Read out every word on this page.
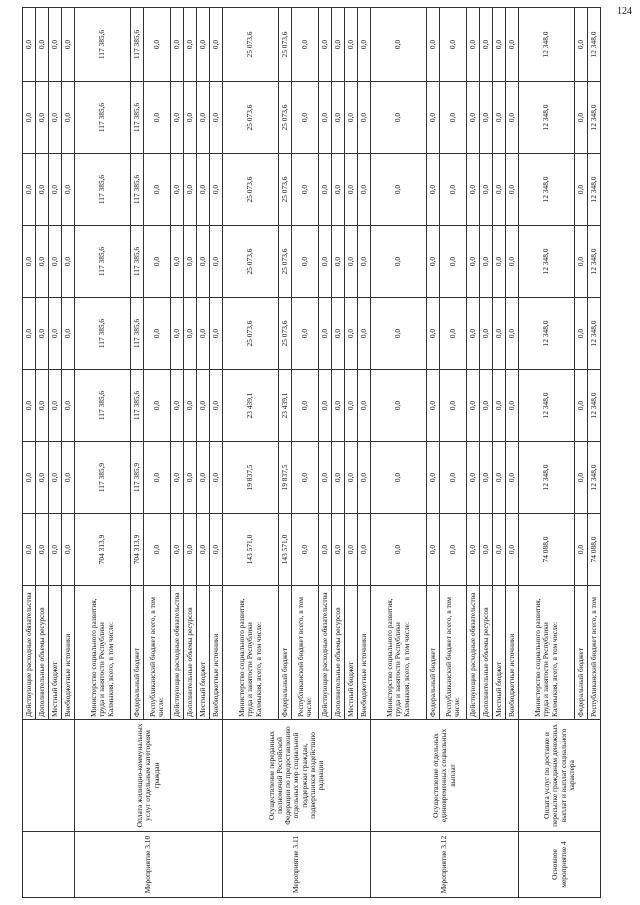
124
		Действующие расходные обязательства	0,0	0,0	0,0	0,0	0,0	0,0	0,0	0,0
		Дополнительные объемы ресурсов	0,0	0,0	0,0	0,0	0,0	0,0	0,0	0,0
		Местный бюджет	0,0	0,0	0,0	0,0	0,0	0,0	0,0	0,0
		Внебюджетные источники	0,0	0,0	0,0	0,0	0,0	0,0	0,0	0,0
Мероприятие 3.10	Оплата жилищно-коммунальных услуг отдельным категориям граждан	Министерство социального развития, труда и занятости Республики Калмыкия, всего, в том числе:	704 313,9	117 385,9	117 385,6	117 385,6	117 385,6	117 385,6	117 385,6	117 385,6
		Федеральный бюджет	704 313,9	117 385,9	117 385,6	117 385,6	117 385,6	117 385,6	117 385,6	117 385,6
		Республиканский бюджет всего, в том числе:	0,0	0,0	0,0	0,0	0,0	0,0	0,0	0,0
		Действующие расходные обязательства	0,0	0,0	0,0	0,0	0,0	0,0	0,0	0,0
		Дополнительные объемы ресурсов	0,0	0,0	0,0	0,0	0,0	0,0	0,0	0,0
		Местный бюджет	0,0	0,0	0,0	0,0	0,0	0,0	0,0	0,0
		Внебюджетные источники	0,0	0,0	0,0	0,0	0,0	0,0	0,0	0,0
Мероприятие 3.11	Осуществление переданных полномочий Российской Федерации по предоставлению отдельных мер социальной поддержки граждан, подвергшихся воздействию радиации	Министерство социального развития, труда и занятости Республики Калмыкия, всего, в том числе:	143 571,0	19 837,5	23 439,1	25 073,6	25 073,6	25 073,6	25 073,6	25 073,6
		Федеральный бюджет	143 571,0	19 837,5	23 439,1	25 073,6	25 073,6	25 073,6	25 073,6	25 073,6
		Республиканский бюджет всего, в том числе:	0,0	0,0	0,0	0,0	0,0	0,0	0,0	0,0
		Действующие расходные обязательства	0,0	0,0	0,0	0,0	0,0	0,0	0,0	0,0
		Дополнительные объемы ресурсов	0,0	0,0	0,0	0,0	0,0	0,0	0,0	0,0
		Местный бюджет	0,0	0,0	0,0	0,0	0,0	0,0	0,0	0,0
		Внебюджетные источники	0,0	0,0	0,0	0,0	0,0	0,0	0,0	0,0
Мероприятие 3.12	Осуществление отдельных единовременных социальных выплат	Министерство социального развития, труда и занятости Республики Калмыкия, всего, в том числе:	0,0	0,0	0,0	0,0	0,0	0,0	0,0	0,0
		Федеральный бюджет	0,0	0,0	0,0	0,0	0,0	0,0	0,0	0,0
		Республиканский бюджет всего, в том числе:	0,0	0,0	0,0	0,0	0,0	0,0	0,0	0,0
		Действующие расходные обязательства	0,0	0,0	0,0	0,0	0,0	0,0	0,0	0,0
		Дополнительные объемы ресурсов	0,0	0,0	0,0	0,0	0,0	0,0	0,0	0,0
		Местный бюджет	0,0	0,0	0,0	0,0	0,0	0,0	0,0	0,0
		Внебюджетные источники	0,0	0,0	0,0	0,0	0,0	0,0	0,0	0,0
Основное мероприятие 4	Оплата услуг по доставке и пересылке гражданам денежных выплат и выплат социального характера	Министерство социального развития, труда и занятости Республики Калмыкия, всего, в том числе:	74 088,0	12 348,0	12 348,0	12 348,0	12 348,0	12 348,0	12 348,0	12 348,0
		Федеральный бюджет	0,0	0,0	0,0	0,0	0,0	0,0	0,0	0,0
		Республиканский бюджет всего, в том	74 088,0	12 348,0	12 348,0	12 348,0	12 348,0	12 348,0	12 348,0	12 348,0
